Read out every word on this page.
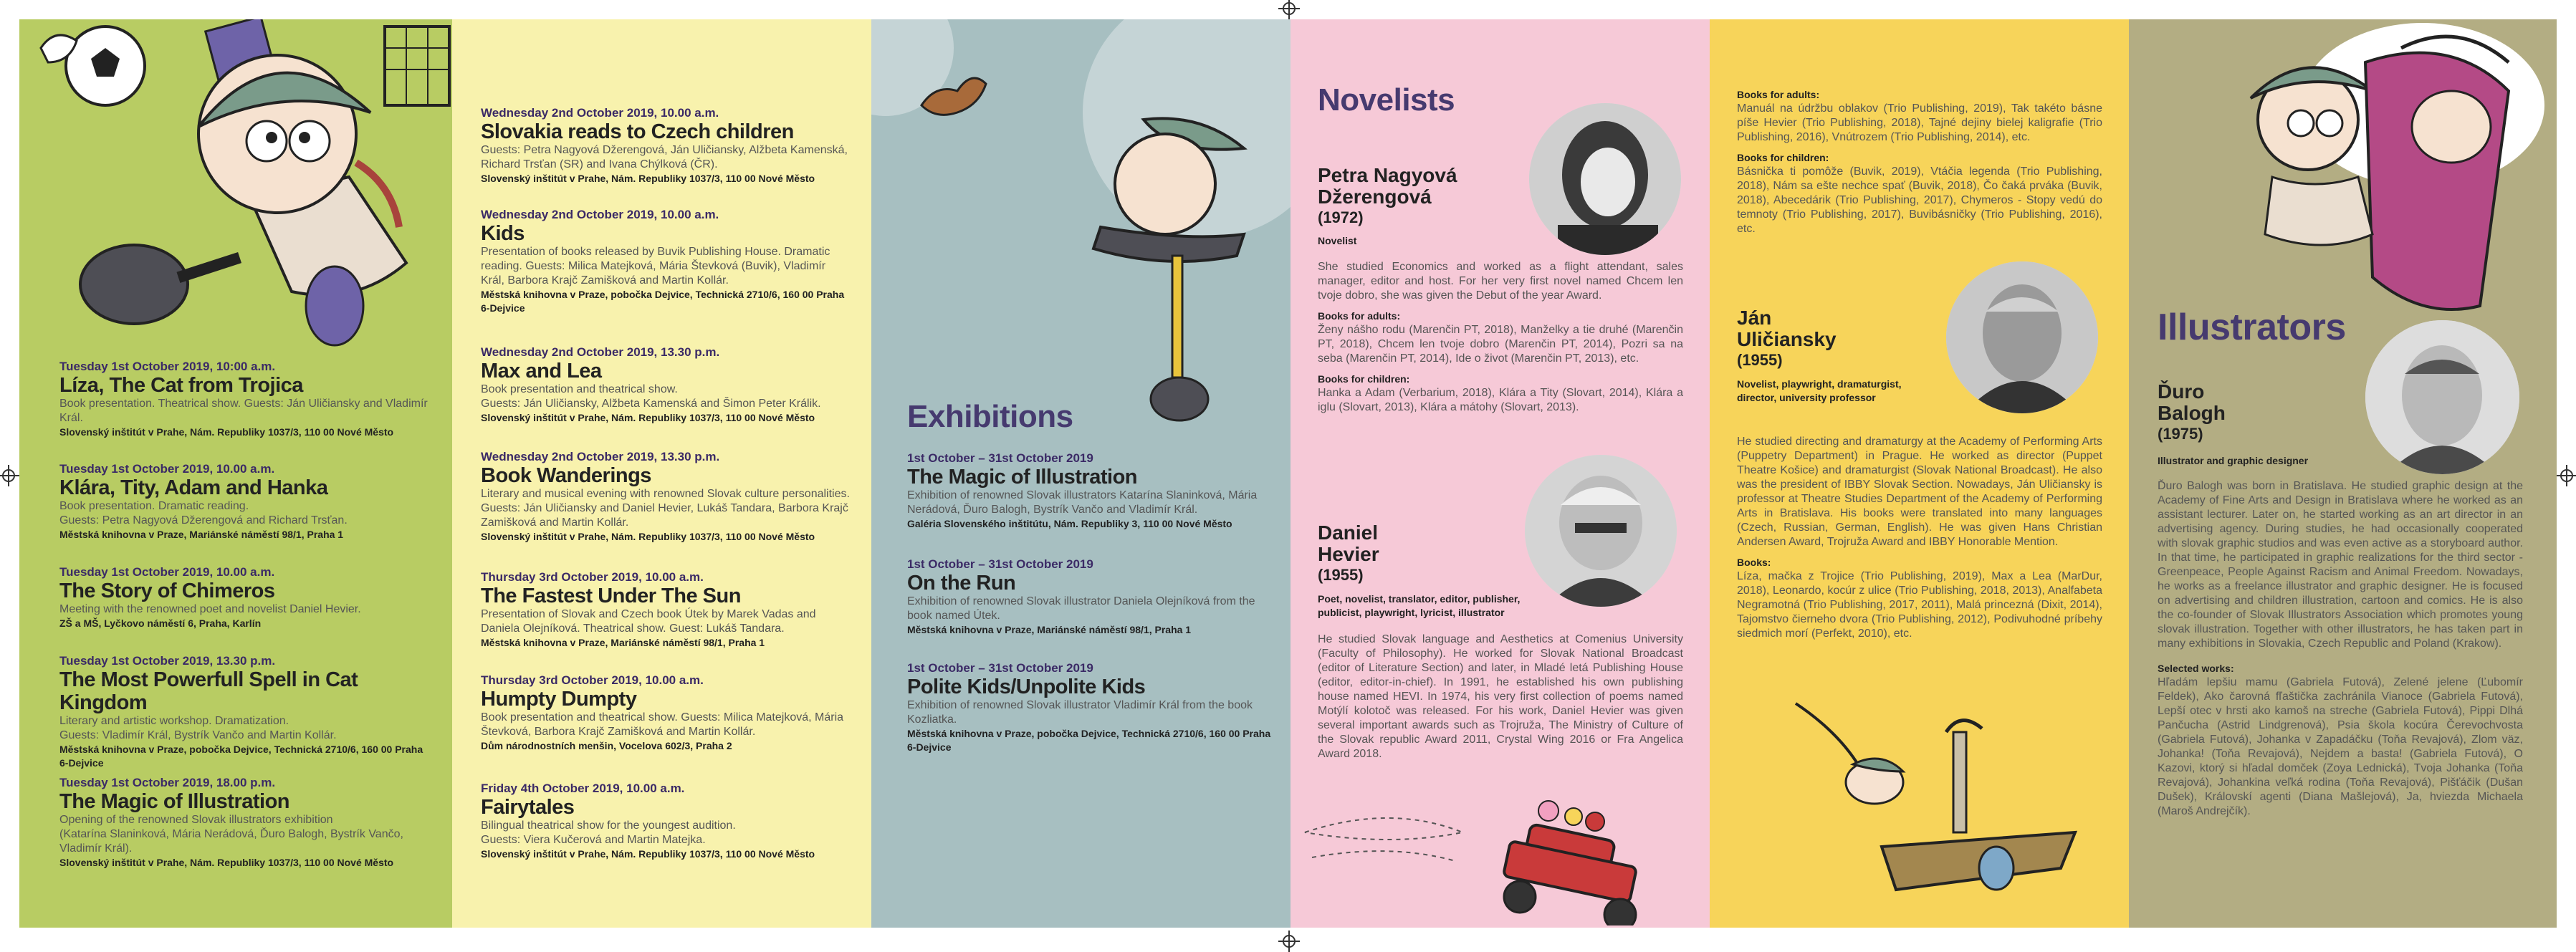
Tuesday 1st October 2019, 10:00 a.m.
Líza, The Cat from Trojica
Book presentation. Theatrical show. Guests: Ján Uličiansky and Vladimír Král.
Slovenský inštitút v Prahe, Nám. Republiky 1037/3, 110 00 Nové Město
Tuesday 1st October 2019, 10.00 a.m.
Klára, Tity, Adam and Hanka
Book presentation. Dramatic reading.
Guests: Petra Nagyová Džerengová and Richard Trsťan.
Městská knihovna v Praze, Mariánské náměstí 98/1, Praha 1
Tuesday 1st October 2019, 10.00 a.m.
The Story of Chimeros
Meeting with the renowned poet and novelist Daniel Hevier.
ZŠ a MŠ, Lyčkovo náměstí 6, Praha, Karlín
Tuesday 1st October 2019, 13.30 p.m.
The Most Powerfull Spell in Cat Kingdom
Literary and artistic workshop. Dramatization.
Guests: Vladimír Král, Bystrík Vančo and Martin Kollár.
Městská knihovna v Praze, pobočka Dejvice, Technická 2710/6, 160 00 Praha 6-Dejvice
Tuesday 1st October 2019, 18.00 p.m.
The Magic of Illustration
Opening of the renowned Slovak illustrators exhibition
(Katarína Slaninková, Mária Nerádová, Ďuro Balogh, Bystrík Vančo, Vladimír Král).
Slovenský inštitút v Prahe, Nám. Republiky 1037/3, 110 00 Nové Město
Wednesday 2nd October 2019, 10.00 a.m.
Slovakia reads to Czech children
Guests: Petra Nagyová Džerengová, Ján Uličiansky, Alžbeta Kamenská, Richard Trsťan (SR) and Ivana Chýlková (ČR).
Slovenský inštitút v Prahe, Nám. Republiky 1037/3, 110 00 Nové Město
Wednesday 2nd October 2019, 10.00 a.m.
Kids
Presentation of books released by Buvik Publishing House. Dramatic reading. Guests: Milica Matejková, Mária Števková (Buvik), Vladimír Král, Barbora Krajč Zamišková and Martin Kollár.
Městská knihovna v Praze, pobočka Dejvice, Technická 2710/6, 160 00 Praha 6-Dejvice
Wednesday 2nd October 2019, 13.30 p.m.
Max and Lea
Book presentation and theatrical show.
Guests: Ján Uličiansky, Alžbeta Kamenská and Šimon Peter Králik.
Slovenský inštitút v Prahe, Nám. Republiky 1037/3, 110 00 Nové Město
Wednesday 2nd October 2019, 13.30 p.m.
Book Wanderings
Literary and musical evening with renowned Slovak culture personalities. Guests: Ján Uličiansky and Daniel Hevier, Lukáš Tandara, Barbora Krajč Zamišková and Martin Kollár.
Slovenský inštitút v Prahe, Nám. Republiky 1037/3, 110 00 Nové Město
Thursday 3rd October 2019, 10.00 a.m.
The Fastest Under The Sun
Presentation of Slovak and Czech book Útek by Marek Vadas and Daniela Olejníková. Theatrical show. Guest: Lukáš Tandara.
Městská knihovna v Praze, Mariánské náměstí 98/1, Praha 1
Thursday 3rd October 2019, 10.00 a.m.
Humpty Dumpty
Book presentation and theatrical show. Guests: Milica Matejková, Mária Števková, Barbora Krajč Zamišková and Martin Kollár.
Dům národnostních menšin, Vocelova 602/3, Praha 2
Friday 4th October 2019, 10.00 a.m.
Fairytales
Bilingual theatrical show for the youngest audition.
Guests: Viera Kučerová and Martin Matejka.
Slovenský inštitút v Prahe, Nám. Republiky 1037/3, 110 00 Nové Město
Exhibitions
1st October – 31st October 2019
The Magic of Illustration
Exhibition of renowned Slovak illustrators Katarína Slaninková, Mária Nerádová, Ďuro Balogh, Bystrík Vančo and Vladimír Král.
Galéria Slovenského inštitútu, Nám. Republiky 3, 110 00 Nové Město
1st October – 31st October 2019
On the Run
Exhibition of renowned Slovak illustrator Daniela Olejníková from the book named Útek.
Městská knihovna v Praze, Mariánské náměstí 98/1, Praha 1
1st October – 31st October 2019
Polite Kids/Unpolite Kids
Exhibition of renowned Slovak illustrator Vladimír Král from the book Kozliatka.
Městská knihovna v Praze, pobočka Dejvice, Technická 2710/6, 160 00 Praha 6-Dejvice
Novelists
Petra Nagyová
Džerengová
(1972)
Novelist
She studied Economics and worked as a flight attendant, sales manager, editor and host. For her very first novel named Chcem len tvoje dobro, she was given the Debut of the year Award.
Books for adults:
Ženy nášho rodu (Marenčin PT, 2018), Manželky a tie druhé (Marenčin PT, 2018), Chcem len tvoje dobro (Marenčin PT, 2014), Pozri sa na seba (Marenčin PT, 2014), Ide o život (Marenčin PT, 2013), etc.
Books for children:
Hanka a Adam (Verbarium, 2018), Klára a Tity (Slovart, 2014), Klára a iglu (Slovart, 2013), Klára a mátohy (Slovart, 2013).
Daniel
Hevier
(1955)
Poet, novelist, translator, editor, publisher, publicist, playwright, lyricist, illustrator
He studied Slovak language and Aesthetics at Comenius University (Faculty of Philosophy). He worked for Slovak National Broadcast (editor of Literature Section) and later, in Mladé letá Publishing House (editor, editor-in-chief). In 1991, he established his own publishing house named HEVI. In 1974, his very first collection of poems named Motýlí kolotoč was released. For his work, Daniel Hevier was given several important awards such as Trojruža, The Ministry of Culture of the Slovak republic Award 2011, Crystal Wing 2016 or Fra Angelica Award 2018.
Books for adults:
Manuál na údržbu oblakov (Trio Publishing, 2019), Tak takéto básne píše Hevier (Trio Publishing, 2018), Tajné dejiny bielej kaligrafie (Trio Publishing, 2016), Vnútrozem (Trio Publishing, 2014), etc.
Books for children:
Básnička ti pomôže (Buvik, 2019), Vtáčia legenda (Trio Publishing, 2018), Nám sa ešte nechce spať (Buvik, 2018), Čo čaká prváka (Buvik, 2018), Abecedárik (Trio Publishing, 2017), Chymeros - Stopy vedú do temnoty (Trio Publishing, 2017), Buvibásničky (Trio Publishing, 2016), etc.
Ján
Uličiansky
(1955)
Novelist, playwright, dramaturgist, director, university professor
He studied directing and dramaturgy at the Academy of Performing Arts (Puppetry Department) in Prague. He worked as director (Puppet Theatre Košice) and dramaturgist (Slovak National Broadcast). He also was the president of IBBY Slovak Section. Nowadays, Ján Uličiansky is professor at Theatre Studies Department of the Academy of Performing Arts in Bratislava. His books were translated into many languages (Czech, Russian, German, English). He was given Hans Christian Andersen Award, Trojruža Award and IBBY Honorable Mention.
Books:
Líza, mačka z Trojice (Trio Publishing, 2019), Max a Lea (MarDur, 2018), Leonardo, kocúr z ulice (Trio Publishing, 2018, 2013), Analfabeta Negramotná (Trio Publishing, 2017, 2011), Malá princezná (Dixit, 2014), Tajomstvo čierneho dvora (Trio Publishing, 2012), Podivuhodné príbehy siedmich morí (Perfekt, 2010), etc.
Illustrators
Ďuro
Balogh
(1975)
Illustrator and graphic designer
Ďuro Balogh was born in Bratislava. He studied graphic design at the Academy of Fine Arts and Design in Bratislava where he worked as an assistant lecturer. Later on, he started working as an art director in an advertising agency. During studies, he had occasionally cooperated with slovak graphic studios and was even active as a storyboard author. In that time, he participated in graphic realizations for the third sector - Greenpeace, People Against Racism and Animal Freedom. Nowadays, he works as a freelance illustrator and graphic designer. He is focused on advertising and children illustration, cartoon and comics. He is also the co-founder of Slovak Illustrators Association which promotes young slovak illustration. Together with other illustrators, he has taken part in many exhibitions in Slovakia, Czech Republic and Poland (Krakow).
Selected works:
Hľadám lepšiu mamu (Gabriela Futová), Zelené jelene (Ľubomír Feldek), Ako čarovná fľaštička zachránila Vianoce (Gabriela Futová), Lepší otec v hrsti ako kamoš na streche (Gabriela Futová), Pippi Dlhá Pančucha (Astrid Lindgrenová), Psia škola kocúra Čerevochvosta (Gabriela Futová), Johanka v Zapadáčku (Toňa Revajová), Zlom väz, Johanka! (Toňa Revajová), Nejdem a basta! (Gabriela Futová), O Kazovi, ktorý si hľadal domček (Zoya Lednická), Tvoja Johanka (Toňa Revajová), Johankina veľká rodina (Toňa Revajová), Pišťáčik (Dušan Dušek), Královskí agenti (Diana Mašlejová), Ja, hviezda Michaela (Maroš Andrejčík).
